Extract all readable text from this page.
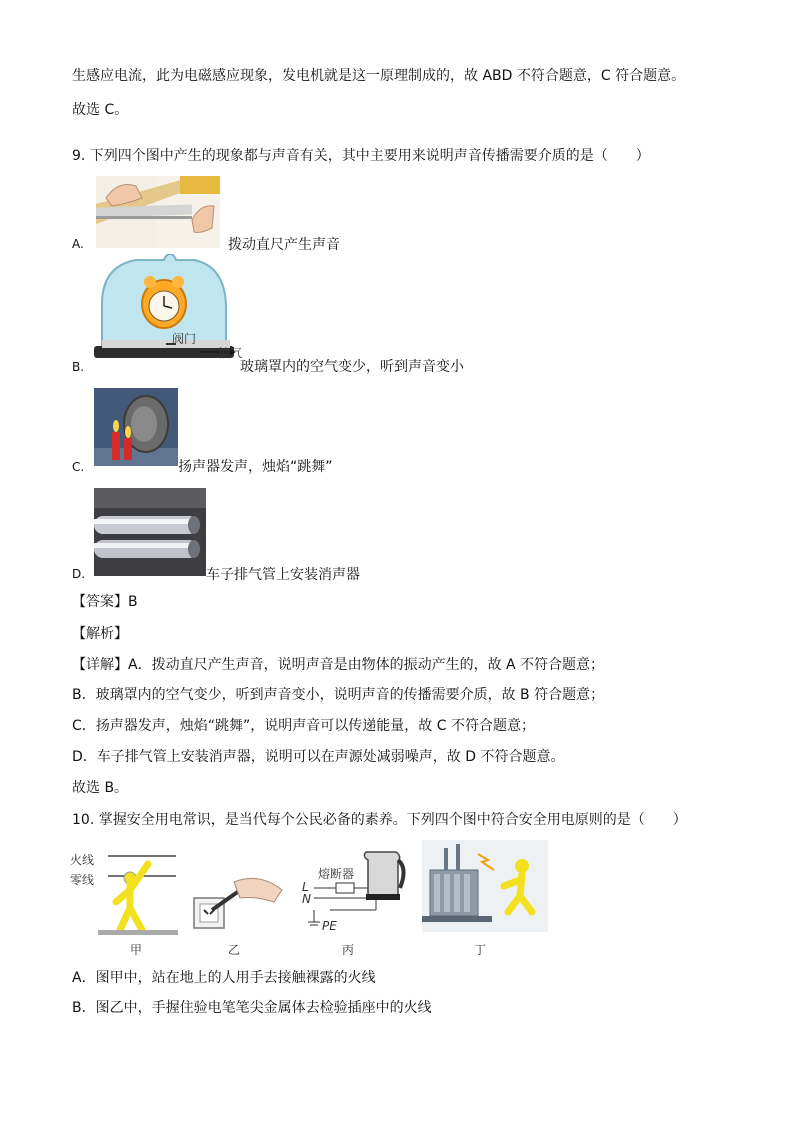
生感应电流，此为电磁感应现象，发电机就是这一原理制成的，故 ABD 不符合题意，C 符合题意。
故选 C。
9. 下列四个图中产生的现象都与声音有关，其中主要用来说明声音传播需要介质的是（　　）
A.	拨动直尺产生声音
B.
阀门
抽气
玻璃罩内的空气变少，听到声音变小
C.	扬声器发声，烛焰“跳舞”
D.	车子排气管上安装消声器
【答案】B
【解析】
【详解】A．拨动直尺产生声音，说明声音是由物体的振动产生的，故 A 不符合题意；
B．玻璃罩内的空气变少，听到声音变小，说明声音的传播需要介质，故 B 符合题意；
C．扬声器发声，烛焰“跳舞”，说明声音可以传递能量，故 C 不符合题意；
D．车子排气管上安装消声器，说明可以在声源处减弱噪声，故 D 不符合题意。
故选 B。
10. 掌握安全用电常识，是当代每个公民必备的素养。下列四个图中符合安全用电原则的是（　　）
火线
零线
甲	乙
熔断器
L
N
PE
丙	丁
A．图甲中，站在地上的人用手去接触裸露的火线
B．图乙中，手握住验电笔笔尖金属体去检验插座中的火线
